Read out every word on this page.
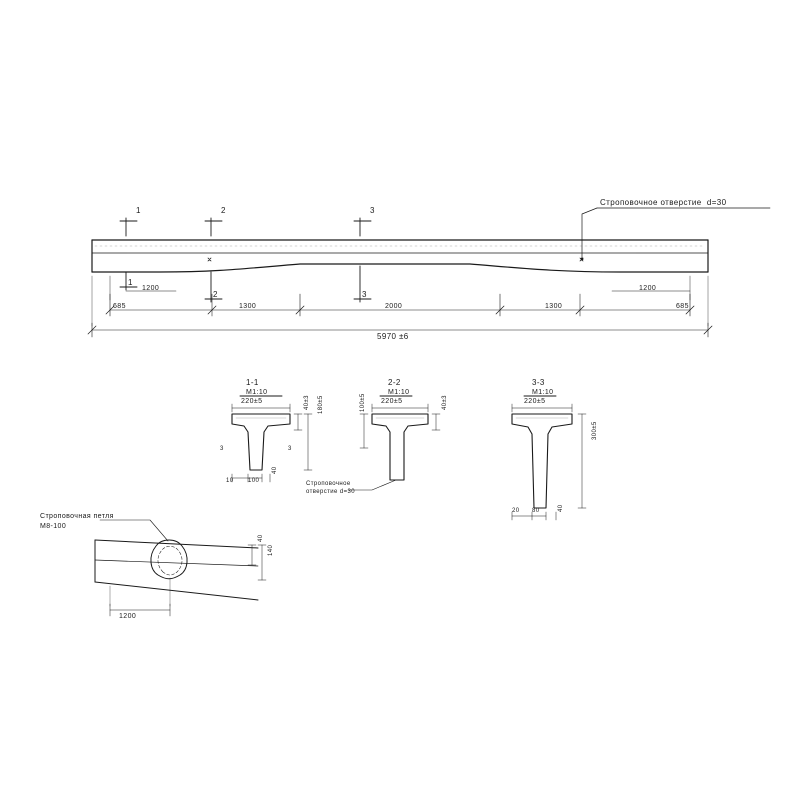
1	2	3
1
2	3
Строповочное отверстие  d=30
1200
1300	2000	1300
1200
685	685
5970 ±6
1-1
М1:10
220±5	40±3 180±5
3	3
10 100
40
2-2
М1:10
220±5
100±5	40±3
Строповочное
отверстие d=30
3-3
М1:10
220±5
300±5
20 80	40
Строповочная петля
М8-100
40
140
1200
